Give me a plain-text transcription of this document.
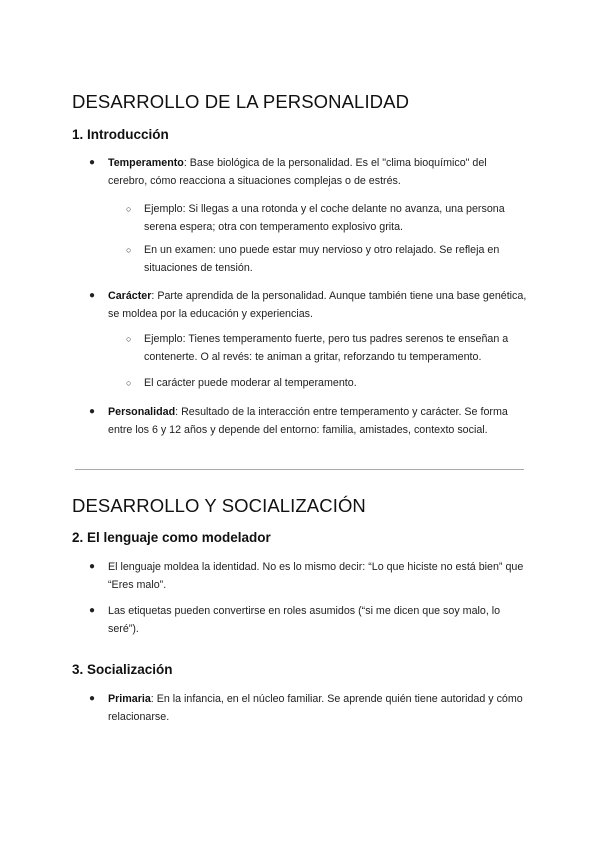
DESARROLLO DE LA PERSONALIDAD
1. Introducción
● Temperamento: Base biológica de la personalidad. Es el "clima bioquímico" del cerebro, cómo reacciona a situaciones complejas o de estrés.
○ Ejemplo: Si llegas a una rotonda y el coche delante no avanza, una persona serena espera; otra con temperamento explosivo grita.
○ En un examen: uno puede estar muy nervioso y otro relajado. Se refleja en situaciones de tensión.
● Carácter: Parte aprendida de la personalidad. Aunque también tiene una base genética, se moldea por la educación y experiencias.
○ Ejemplo: Tienes temperamento fuerte, pero tus padres serenos te enseñan a contenerte. O al revés: te animan a gritar, reforzando tu temperamento.
○ El carácter puede moderar al temperamento.
● Personalidad: Resultado de la interacción entre temperamento y carácter. Se forma entre los 6 y 12 años y depende del entorno: familia, amistades, contexto social.
DESARROLLO Y SOCIALIZACIÓN
2. El lenguaje como modelador
● El lenguaje moldea la identidad. No es lo mismo decir: “Lo que hiciste no está bien” que “Eres malo”.
● Las etiquetas pueden convertirse en roles asumidos (“si me dicen que soy malo, lo seré”).
3. Socialización
● Primaria: En la infancia, en el núcleo familiar. Se aprende quién tiene autoridad y cómo relacionarse.
